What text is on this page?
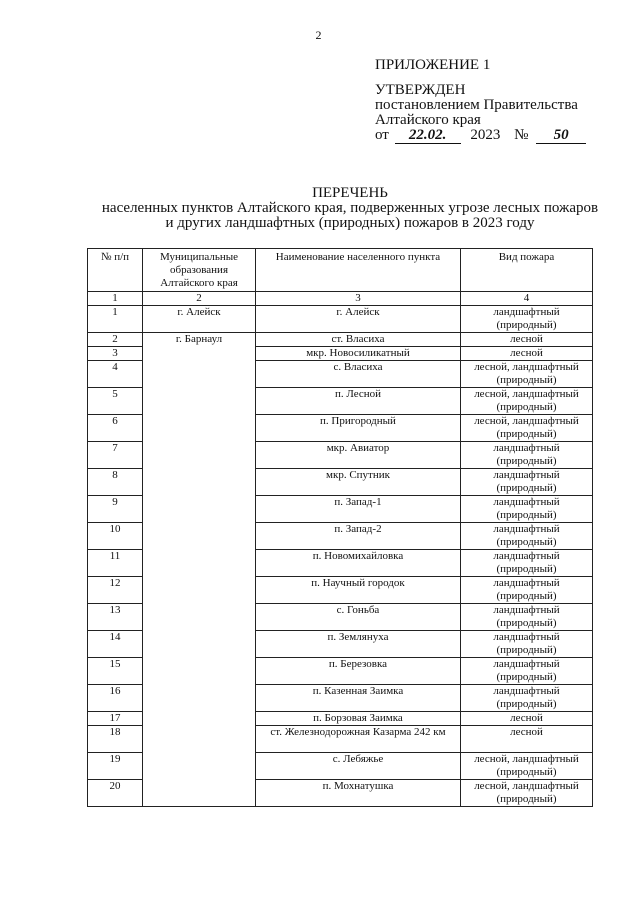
2
ПРИЛОЖЕНИЕ 1
УТВЕРЖДЕН
постановлением Правительства
Алтайского края
от 22.02. 2023 № 50
ПЕРЕЧЕНЬ
населенных пунктов Алтайского края, подверженных угрозе лесных пожаров
и других ландшафтных (природных) пожаров в 2023 году
№ п/п	Муниципальные образования Алтайского края	Наименование населенного пункта	Вид пожара
1	2	3	4
1	г. Алейск	г. Алейск	ландшафтный (природный)
2	г. Барнаул	ст. Власиха	лесной
3		мкр. Новосиликатный	лесной
4		с. Власиха	лесной, ландшафтный (природный)
5		п. Лесной	лесной, ландшафтный (природный)
6		п. Пригородный	лесной, ландшафтный (природный)
7		мкр. Авиатор	ландшафтный (природный)
8		мкр. Спутник	ландшафтный (природный)
9		п. Запад-1	ландшафтный (природный)
10		п. Запад-2	ландшафтный (природный)
11		п. Новомихайловка	ландшафтный (природный)
12		п. Научный городок	ландшафтный (природный)
13		с. Гоньба	ландшафтный (природный)
14		п. Землянуха	ландшафтный (природный)
15		п. Березовка	ландшафтный (природный)
16		п. Казенная Заимка	ландшафтный (природный)
17		п. Борзовая Заимка	лесной
18		ст. Железнодорожная Казарма 242 км	лесной
19		с. Лебяжье	лесной, ландшафтный (природный)
20		п. Мохнатушка	лесной, ландшафтный (природный)
